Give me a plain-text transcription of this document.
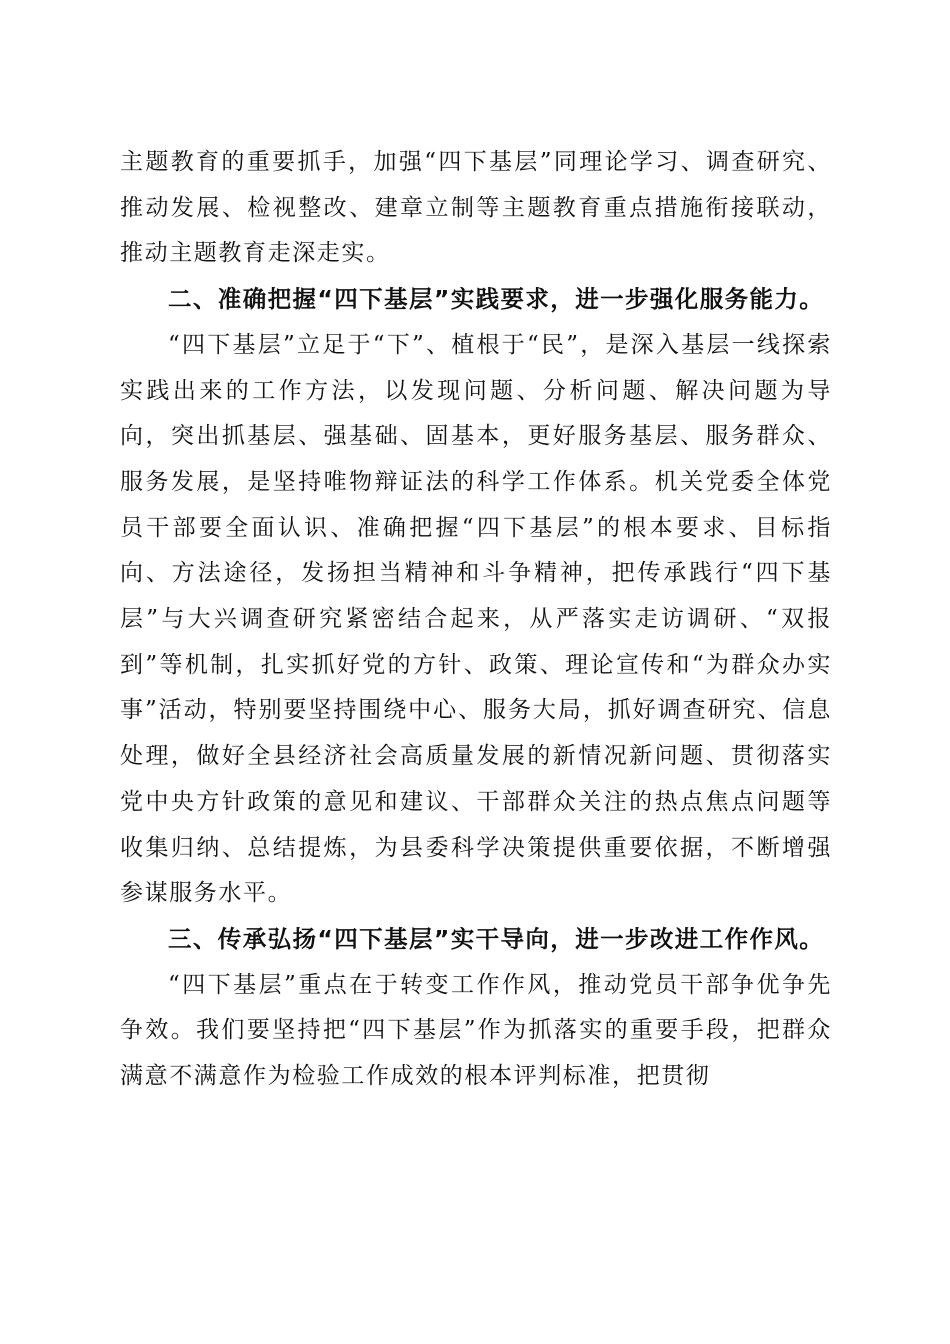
主题教育的重要抓手，加强“四下基层”同理论学习、调查研究、推动发展、检视整改、建章立制等主题教育重点措施衔接联动，推动主题教育走深走实。

二、准确把握“四下基层”实践要求，进一步强化服务能力。

“四下基层”立足于“下”、植根于“民”，是深入基层一线探索实践出来的工作方法，以发现问题、分析问题、解决问题为导向，突出抓基层、强基础、固基本，更好服务基层、服务群众、服务发展，是坚持唯物辩证法的科学工作体系。机关党委全体党员干部要全面认识、准确把握“四下基层”的根本要求、目标指向、方法途径，发扬担当精神和斗争精神，把传承践行“四下基层”与大兴调查研究紧密结合起来，从严落实走访调研、“双报到”等机制，扎实抓好党的方针、政策、理论宣传和“为群众办实事”活动，特别要坚持围绕中心、服务大局，抓好调查研究、信息处理，做好全县经济社会高质量发展的新情况新问题、贯彻落实党中央方针政策的意见和建议、干部群众关注的热点焦点问题等收集归纳、总结提炼，为县委科学决策提供重要依据，不断增强参谋服务水平。

三、传承弘扬“四下基层”实干导向，进一步改进工作作风。

“四下基层”重点在于转变工作作风，推动党员干部争优争先争效。我们要坚持把“四下基层”作为抓落实的重要手段，把群众满意不满意作为检验工作成效的根本评判标准，把贯彻
